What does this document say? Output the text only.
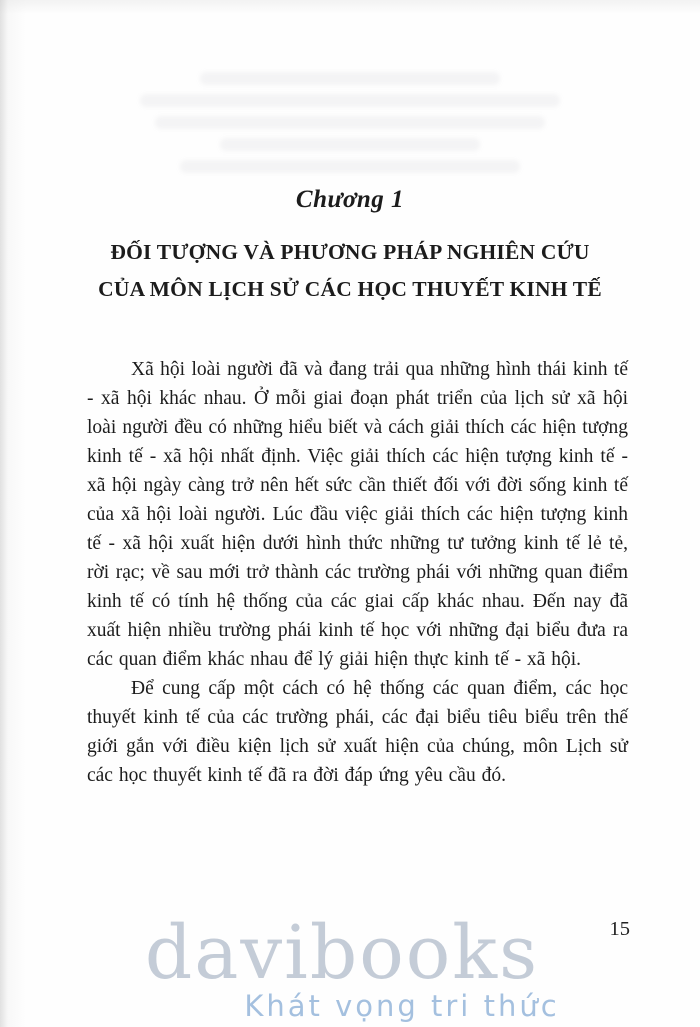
Chương 1
ĐỐI TƯỢNG VÀ PHƯƠNG PHÁP NGHIÊN CỨU
CỦA MÔN LỊCH SỬ CÁC HỌC THUYẾT KINH TẾ

Xã hội loài người đã và đang trải qua những hình thái kinh tế - xã hội khác nhau. Ở mỗi giai đoạn phát triển của lịch sử xã hội loài người đều có những hiểu biết và cách giải thích các hiện tượng kinh tế - xã hội nhất định. Việc giải thích các hiện tượng kinh tế - xã hội ngày càng trở nên hết sức cần thiết đối với đời sống kinh tế của xã hội loài người. Lúc đầu việc giải thích các hiện tượng kinh tế - xã hội xuất hiện dưới hình thức những tư tưởng kinh tế lẻ tẻ, rời rạc; về sau mới trở thành các trường phái với những quan điểm kinh tế có tính hệ thống của các giai cấp khác nhau. Đến nay đã xuất hiện nhiều trường phái kinh tế học với những đại biểu đưa ra các quan điểm khác nhau để lý giải hiện thực kinh tế - xã hội.

Để cung cấp một cách có hệ thống các quan điểm, các học thuyết kinh tế của các trường phái, các đại biểu tiêu biểu trên thế giới gắn với điều kiện lịch sử xuất hiện của chúng, môn Lịch sử các học thuyết kinh tế đã ra đời đáp ứng yêu cầu đó.

davibooks
Khát vọng tri thức
15
